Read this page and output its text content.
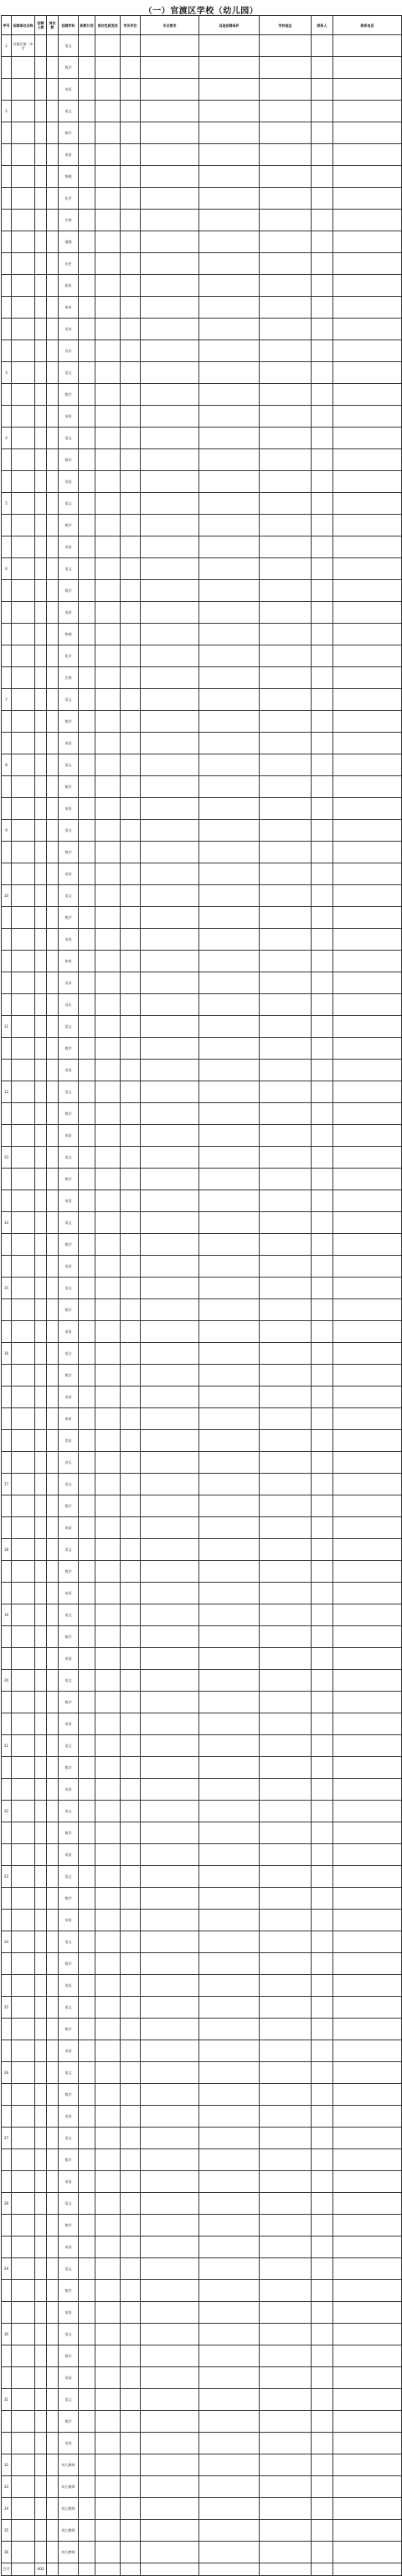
（一）官渡区学校（幼儿园）
序号	招聘单位名称	招聘人数	岗位数	招聘学科	职数计划	岗位性质类别	学历学位	专业要求	其他招聘条件	学校地址	联系人	联系电话
1	官渡区第一中学			语文								
				数学								
				英语								
2				语文								
				数学								
				英语								
				物理								
				化学								
				生物								
				地理								
				历史								
				政治								
				体育								
				美术								
				音乐								
3				语文								
				数学								
				英语								
4				语文								
				数学								
				英语								
5				语文								
				数学								
				英语								
6				语文								
				数学								
				英语								
				物理								
				化学								
				生物								
7				语文								
				数学								
				英语								
8				语文								
				数学								
				英语								
9				语文								
				数学								
				英语								
10				语文								
				数学								
				英语								
				体育								
				美术								
				音乐								
11				语文								
				数学								
				英语								
12				语文								
				数学								
				英语								
13				语文								
				数学								
				英语								
14				语文								
				数学								
				英语								
15				语文								
				数学								
				英语								
16				语文								
				数学								
				英语								
				体育								
				美术								
				音乐								
17				语文								
				数学								
				英语								
18				语文								
				数学								
				英语								
19				语文								
				数学								
				英语								
20				语文								
				数学								
				英语								
21				语文								
				数学								
				英语								
22				语文								
				数学								
				英语								
23				语文								
				数学								
				英语								
24				语文								
				数学								
				英语								
25				语文								
				数学								
				英语								
26				语文								
				数学								
				英语								
27				语文								
				数学								
				英语								
28				语文								
				数学								
				英语								
29				语文								
				数学								
				英语								
30				语文								
				数学								
				英语								
31				语文								
				数学								
				英语								
32				幼儿教师								
33				幼儿教师								
34				幼儿教师								
35				幼儿教师								
36				幼儿教师								
合计		402										
